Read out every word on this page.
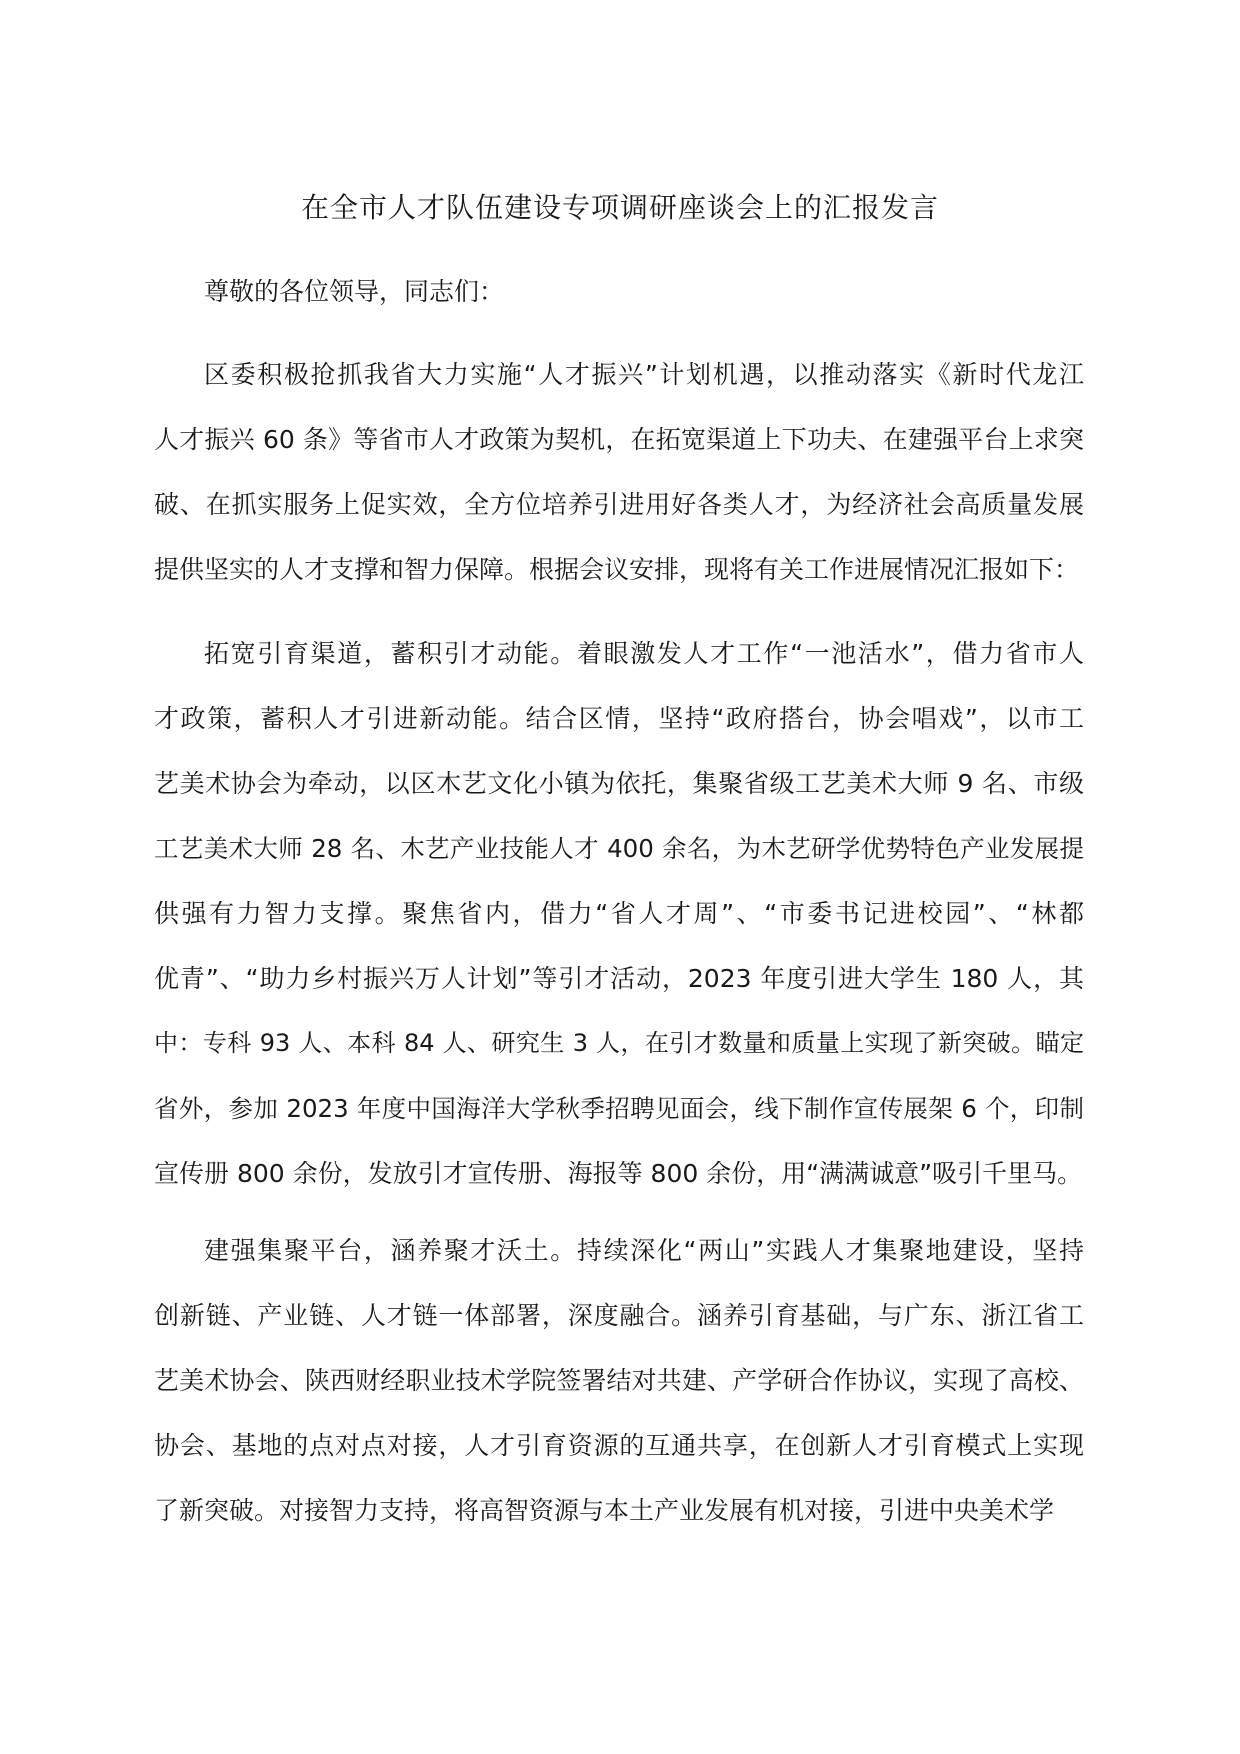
在全市人才队伍建设专项调研座谈会上的汇报发言

尊敬的各位领导，同志们：

区委积极抢抓我省大力实施“人才振兴”计划机遇，以推动落实《新时代龙江
人才振兴 60 条》等省市人才政策为契机，在拓宽渠道上下功夫、在建强平台上求突
破、在抓实服务上促实效，全方位培养引进用好各类人才，为经济社会高质量发展
提供坚实的人才支撑和智力保障。根据会议安排，现将有关工作进展情况汇报如下：
拓宽引育渠道，蓄积引才动能。着眼激发人才工作“一池活水”，借力省市人
才政策，蓄积人才引进新动能。结合区情，坚持“政府搭台，协会唱戏”，以市工
艺美术协会为牵动，以区木艺文化小镇为依托，集聚省级工艺美术大师 9 名、市级
工艺美术大师 28 名、木艺产业技能人才 400 余名，为木艺研学优势特色产业发展提
供强有力智力支撑。聚焦省内，借力“省人才周”、“市委书记进校园”、“林都
优青”、“助力乡村振兴万人计划”等引才活动，2023 年度引进大学生 180 人，其
中：专科 93 人、本科 84 人、研究生 3 人，在引才数量和质量上实现了新突破。瞄定
省外，参加 2023 年度中国海洋大学秋季招聘见面会，线下制作宣传展架 6 个，印制
宣传册 800 余份，发放引才宣传册、海报等 800 余份，用“满满诚意”吸引千里马。
建强集聚平台，涵养聚才沃土。持续深化“两山”实践人才集聚地建设，坚持
创新链、产业链、人才链一体部署，深度融合。涵养引育基础，与广东、浙江省工
艺美术协会、陕西财经职业技术学院签署结对共建、产学研合作协议，实现了高校、
协会、基地的点对点对接，人才引育资源的互通共享，在创新人才引育模式上实现
了新突破。对接智力支持，将高智资源与本土产业发展有机对接，引进中央美术学
